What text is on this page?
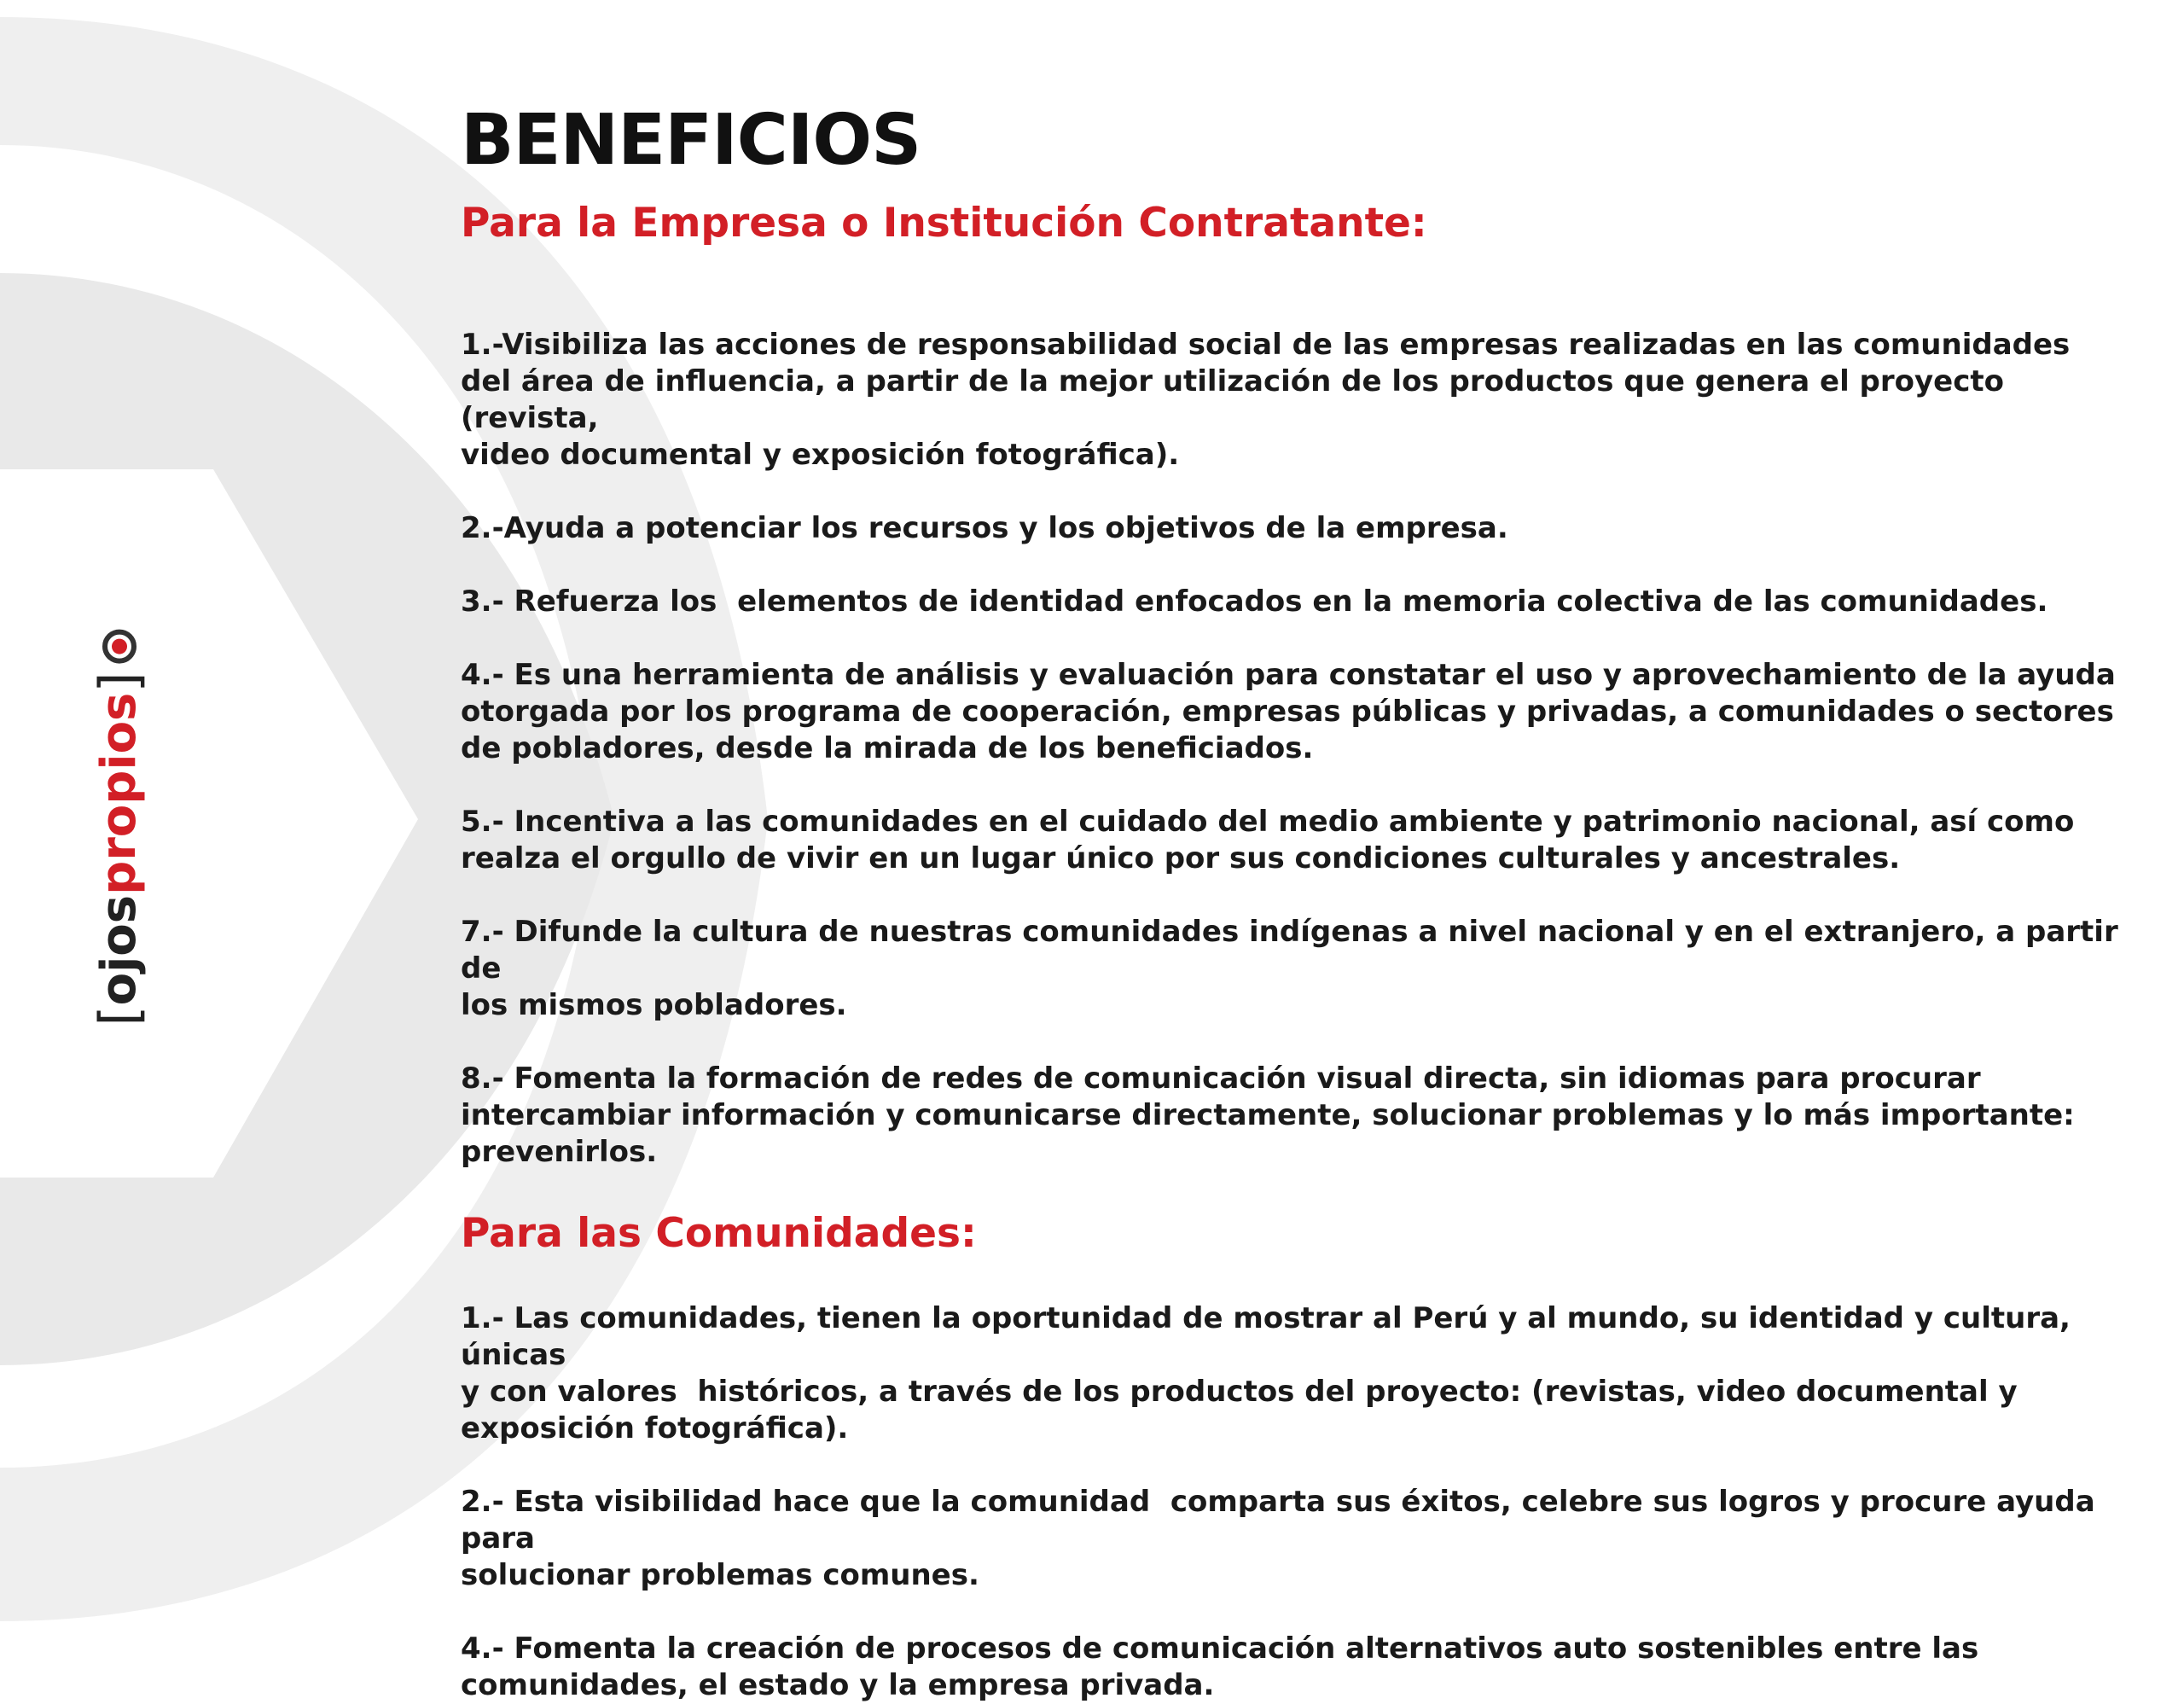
[
ojos
propios
]
BENEFICIOS
Para la Empresa o Institución Contratante:

1.-Visibiliza las acciones de responsabilidad social de las empresas realizadas en las comunidades
del área de influencia, a partir de la mejor utilización de los productos que genera el proyecto (revista,
video documental y exposición fotográfica).

2.-Ayuda a potenciar los recursos y los objetivos de la empresa.

3.- Refuerza los  elementos de identidad enfocados en la memoria colectiva de las comunidades.

4.- Es una herramienta de análisis y evaluación para constatar el uso y aprovechamiento de la ayuda
otorgada por los programa de cooperación, empresas públicas y privadas, a comunidades o sectores
de pobladores, desde la mirada de los beneficiados.

5.- Incentiva a las comunidades en el cuidado del medio ambiente y patrimonio nacional, así como
realza el orgullo de vivir en un lugar único por sus condiciones culturales y ancestrales.

7.- Difunde la cultura de nuestras comunidades indígenas a nivel nacional y en el extranjero, a partir de
los mismos pobladores.

8.- Fomenta la formación de redes de comunicación visual directa, sin idiomas para procurar
intercambiar información y comunicarse directamente, solucionar problemas y lo más importante:
prevenirlos.

Para las Comunidades:

1.- Las comunidades, tienen la oportunidad de mostrar al Perú y al mundo, su identidad y cultura, únicas
y con valores  históricos, a través de los productos del proyecto: (revistas, video documental y
exposición fotográfica).

2.- Esta visibilidad hace que la comunidad  comparta sus éxitos, celebre sus logros y procure ayuda para
solucionar problemas comunes.

4.- Fomenta la creación de procesos de comunicación alternativos auto sostenibles entre las
comunidades, el estado y la empresa privada.
